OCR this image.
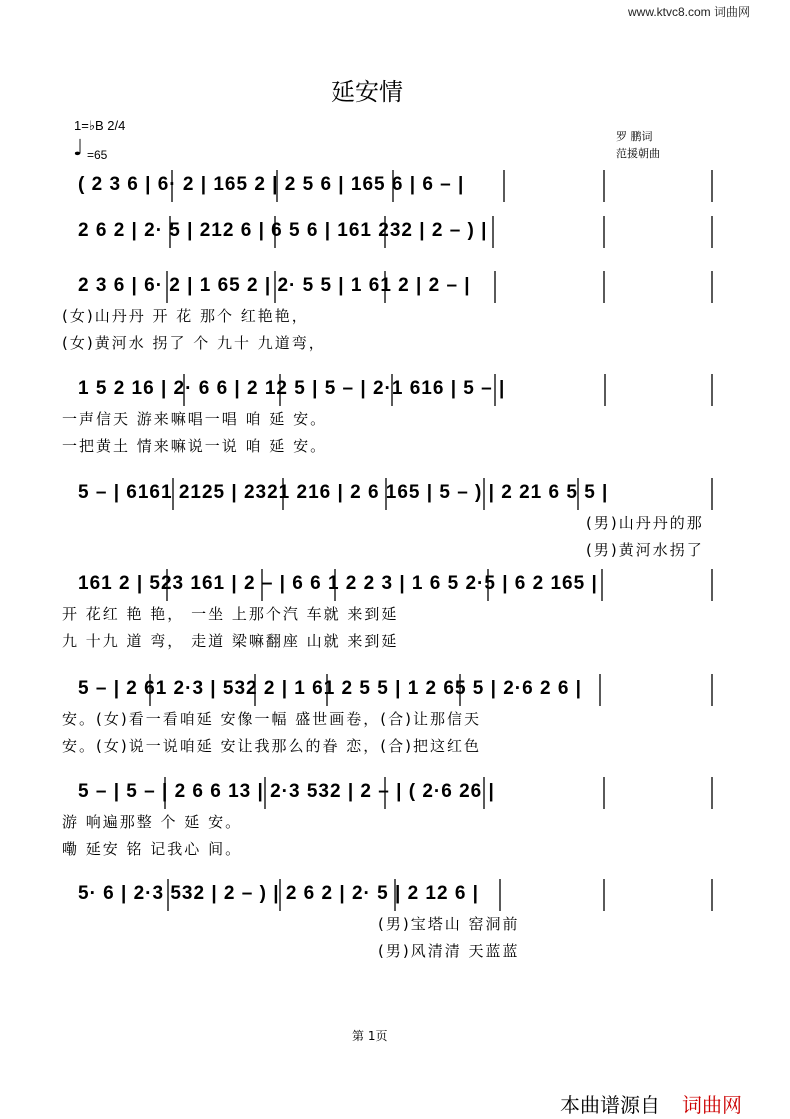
www.ktvc8.com 词曲网
延安情
1=♭B 2/4
♩ =65
罗 鹏词
范援朝曲
( 2 3 6 | 6· 2 | 165 2 | 2 5 6 | 165 6 | 6 – |
2 6 2 | 2· 5 | 212 6 | 6 5 6 | 161 232 | 2 – ) |
2 3 6 | 6· 2 | 1 65 2 | 2· 5 5 | 1 61 2 | 2 – |
(女)山丹丹 开 花 那个 红艳艳，
(女)黄河水 拐了 个 九十 九道弯，
1 5 2 16 | 2· 6 6 | 2 12 5 | 5 – | 2·1 616 | 5 – |
一声信天 游来嘛唱一唱 咱 延 安。
一把黄土 情来嘛说一说 咱 延 安。
5 – | 6161 2125 | 2321 216 | 2 6 165 | 5 – ) | 2 21 6 5 5 |
(男)山丹丹的那
(男)黄河水拐了
161 2 | 523 161 | 2 – | 6 6 1 2 2 3 | 1 6 5 2·5 | 6 2 165 |
开 花红 艳 艳， 一坐 上那个汽 车就 来到延
九 十九 道 弯， 走道 梁嘛翻座 山就 来到延
5 – | 2 61 2·3 | 532 2 | 1 61 2 5 5 | 1 2 65 5 | 2·6 2 6 |
安。(女)看一看咱延 安像一幅 盛世画卷，(合)让那信天
安。(女)说一说咱延 安让我那么的眷 恋，(合)把这红色
5 – | 5 – | 2 6 6 13 | 2·3 532 | 2 – | ( 2·6 26 |
游 响遍那整 个 延 安。
嘞 延安 铭 记我心 间。
5· 6 | 2·3 532 | 2 – ) | 2 6 2 | 2· 5 | 2 12 6 |
(男)宝塔山 窑洞前
(男)风清清 天蓝蓝
第 1页
本曲谱源自 词曲网
